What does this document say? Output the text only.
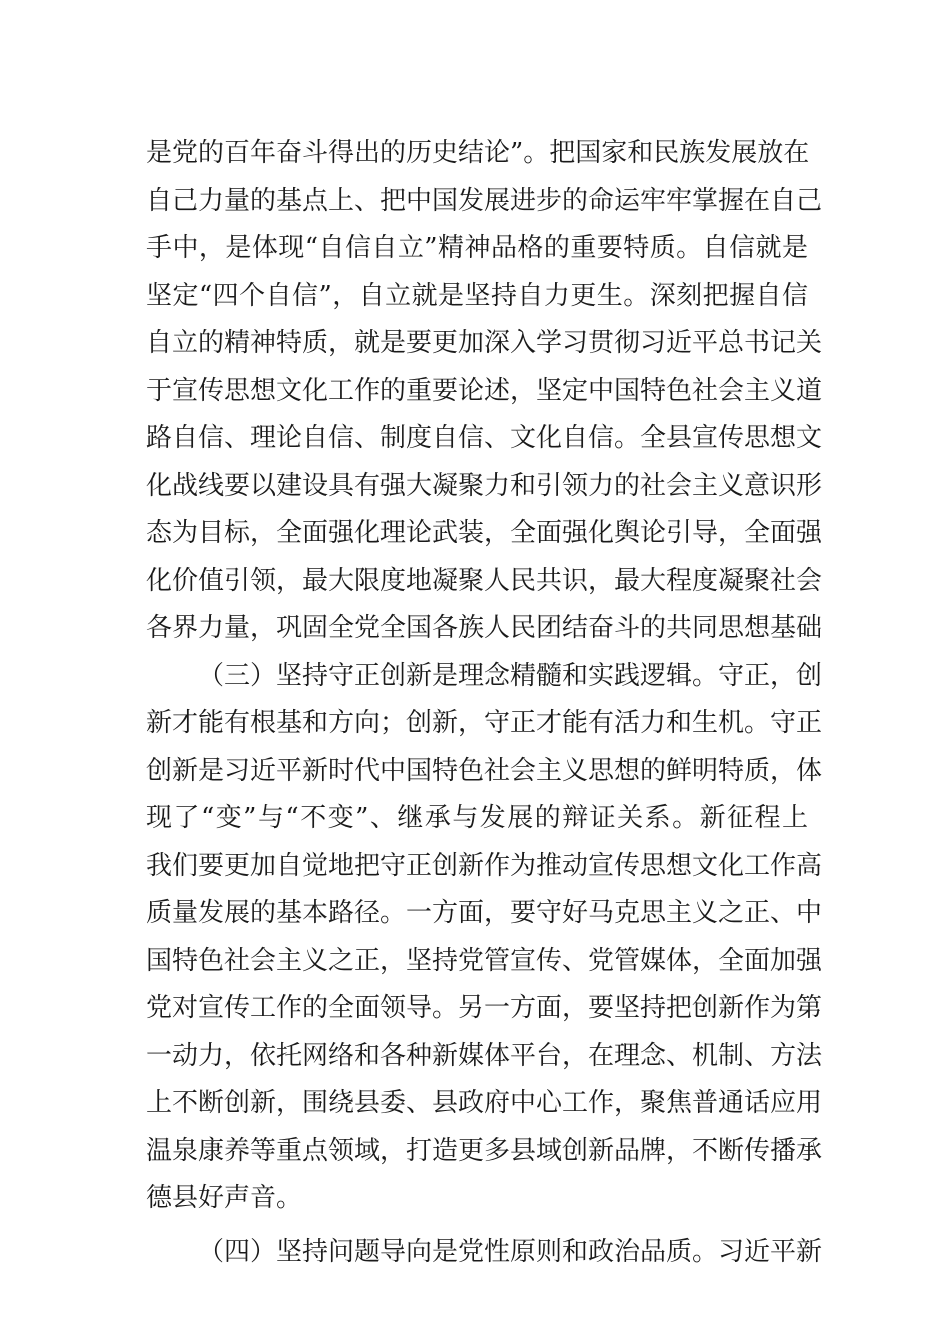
是党的百年奋斗得出的历史结论”。把国家和民族发展放在
自己力量的基点上、把中国发展进步的命运牢牢掌握在自己
手中，是体现“自信自立”精神品格的重要特质。自信就是
坚定“四个自信”，自立就是坚持自力更生。深刻把握自信
自立的精神特质，就是要更加深入学习贯彻习近平总书记关
于宣传思想文化工作的重要论述，坚定中国特色社会主义道
路自信、理论自信、制度自信、文化自信。全县宣传思想文
化战线要以建设具有强大凝聚力和引领力的社会主义意识形
态为目标，全面强化理论武装，全面强化舆论引导，全面强
化价值引领，最大限度地凝聚人民共识，最大程度凝聚社会
各界力量，巩固全党全国各族人民团结奋斗的共同思想基础
（三）坚持守正创新是理念精髓和实践逻辑。守正，创
新才能有根基和方向；创新，守正才能有活力和生机。守正
创新是习近平新时代中国特色社会主义思想的鲜明特质，体
现了“变”与“不变”、继承与发展的辩证关系。新征程上
我们要更加自觉地把守正创新作为推动宣传思想文化工作高
质量发展的基本路径。一方面，要守好马克思主义之正、中
国特色社会主义之正，坚持党管宣传、党管媒体，全面加强
党对宣传工作的全面领导。另一方面，要坚持把创新作为第
一动力，依托网络和各种新媒体平台，在理念、机制、方法
上不断创新，围绕县委、县政府中心工作，聚焦普通话应用
温泉康养等重点领域，打造更多县域创新品牌，不断传播承
德县好声音。
（四）坚持问题导向是党性原则和政治品质。习近平新
